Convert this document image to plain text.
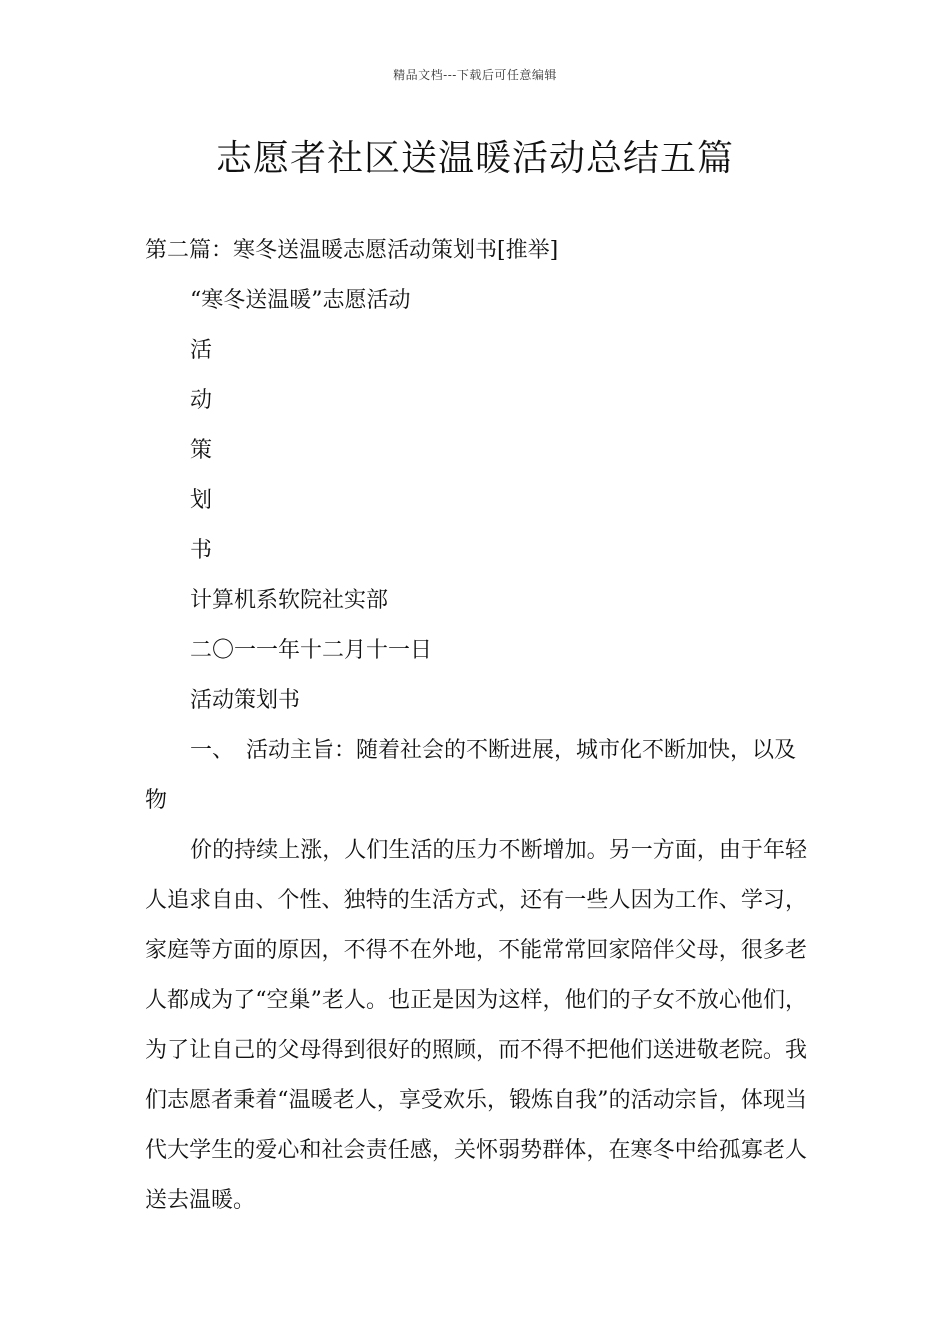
精品文档---下载后可任意编辑
志愿者社区送温暖活动总结五篇
第二篇：寒冬送温暖志愿活动策划书[推举]
“寒冬送温暖”志愿活动
活
动
策
划
书
计算机系软院社实部
二〇一一年十二月十一日
活动策划书
一、 活动主旨：随着社会的不断进展，城市化不断加快，以及
物
价的持续上涨，人们生活的压力不断增加。另一方面，由于年轻人追求自由、个性、独特的生活方式，还有一些人因为工作、学习，家庭等方面的原因，不得不在外地，不能常常回家陪伴父母，很多老人都成为了“空巢”老人。也正是因为这样，他们的子女不放心他们，为了让自己的父母得到很好的照顾，而不得不把他们送进敬老院。我们志愿者秉着“温暖老人，享受欢乐，锻炼自我”的活动宗旨，体现当代大学生的爱心和社会责任感，关怀弱势群体，在寒冬中给孤寡老人送去温暖。
